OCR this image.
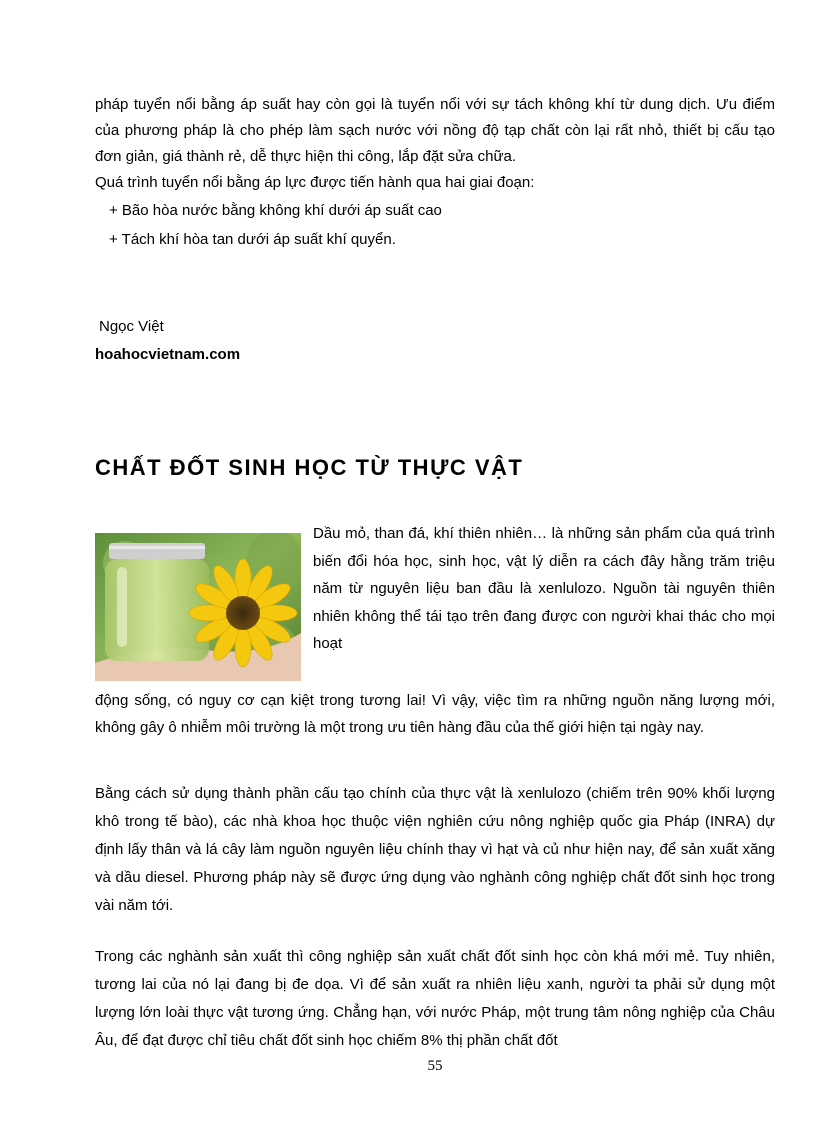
pháp tuyển nổi bằng áp suất hay còn gọi là tuyển nổi với sự tách không khí từ dung dịch. Ưu điểm của phương pháp là cho phép làm sạch nước với nồng độ tạp chất còn lại rất nhỏ, thiết bị cấu tạo đơn giản, giá thành rẻ, dễ thực hiện thi công, lắp đặt sửa chữa.

Quá trình tuyển nổi bằng áp lực được tiến hành qua hai giai đoạn:

+ Bão hòa nước bằng không khí dưới áp suất cao

+ Tách khí hòa tan dưới áp suất khí quyển.

Ngọc Việt
hoahocvietnam.com
CHẤT ĐỐT SINH HỌC TỪ THỰC VẬT

Dầu mỏ, than đá, khí thiên nhiên… là những sản phẩm của quá trình biến đổi hóa học, sinh học, vật lý diễn ra cách đây hằng trăm triệu năm từ nguyên liệu ban đầu là xenlulozo. Nguồn tài nguyên thiên nhiên không thể tái tạo trên đang được con người khai thác cho mọi hoạt

động sống, có nguy cơ cạn kiệt trong tương lai! Vì vậy, việc tìm ra những nguồn năng lượng mới, không gây ô nhiễm môi trường là một trong ưu tiên hàng đầu của thế giới hiện tại ngày nay.

Bằng cách sử dụng thành phần cấu tạo chính của thực vật là xenlulozo (chiếm trên 90% khối lượng khô trong tế bào), các nhà khoa học thuộc viện nghiên cứu nông nghiệp quốc gia Pháp (INRA) dự định lấy thân và lá cây làm nguồn nguyên liệu chính thay vì hạt và củ như hiện nay, để sản xuất xăng và dầu diesel. Phương pháp này sẽ được ứng dụng vào nghành công nghiệp chất đốt sinh học trong vài năm tới.

Trong các nghành sản xuất thì công nghiệp sản xuất chất đốt sinh học còn khá mới mẻ. Tuy nhiên, tương lai của nó lại đang bị đe dọa. Vì để sản xuất ra nhiên liệu xanh, người ta phải sử dụng một lượng lớn loài thực vật tương ứng. Chẳng hạn, với nước Pháp, một trung tâm nông nghiệp của Châu Âu, để đạt được chỉ tiêu chất đốt sinh học chiếm 8% thị phần chất đốt

55
